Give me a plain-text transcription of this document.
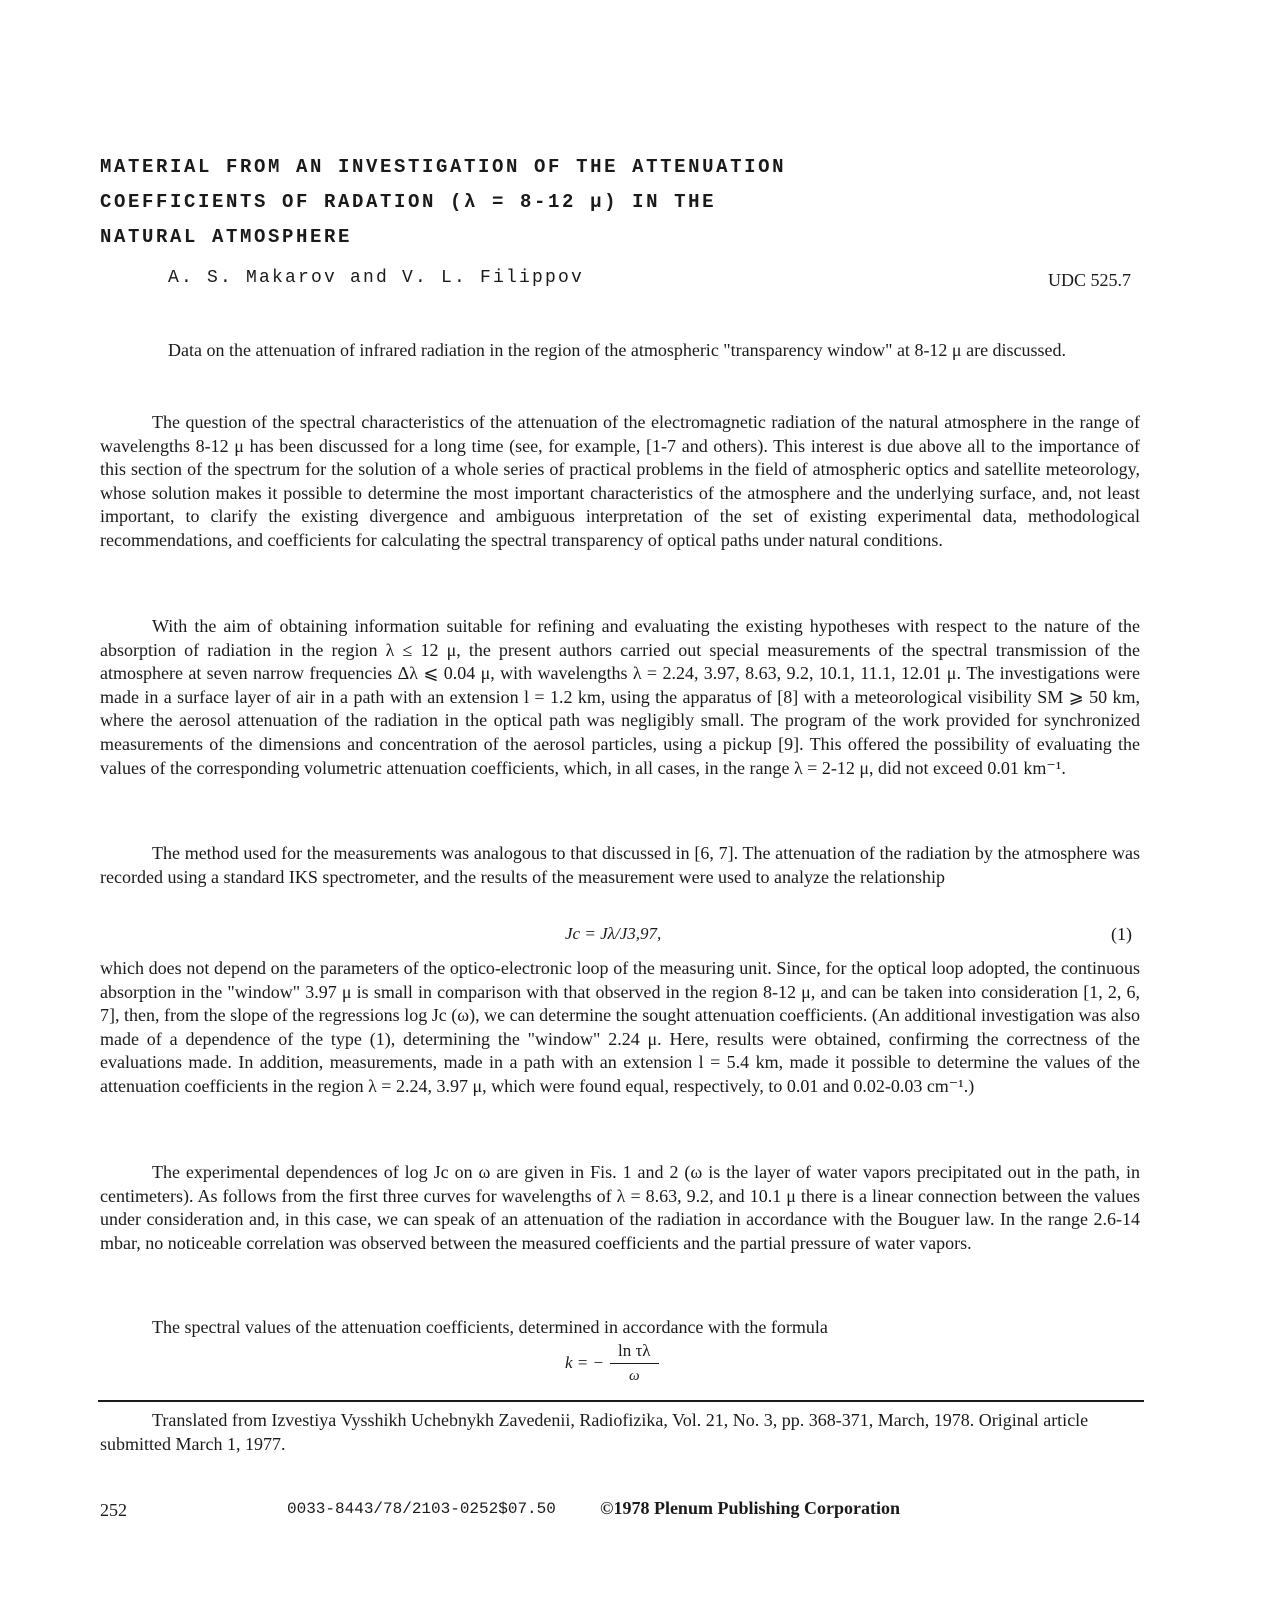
MATERIAL FROM AN INVESTIGATION OF THE ATTENUATION
COEFFICIENTS OF RADATION (λ = 8-12 μ) IN THE
NATURAL ATMOSPHERE
A. S. Makarov and V. L. Filippov	UDC 525.7

Data on the attenuation of infrared radiation in the region of the atmospheric "transparency window" at 8-12 μ are discussed.

The question of the spectral characteristics of the attenuation of the electromagnetic radiation of the natural atmosphere in the range of wavelengths 8-12 μ has been discussed for a long time (see, for example, [1-7 and others). This interest is due above all to the importance of this section of the spectrum for the solution of a whole series of practical problems in the field of atmospheric optics and satellite meteorology, whose solution makes it possible to determine the most important characteristics of the atmosphere and the underlying surface, and, not least important, to clarify the existing divergence and ambiguous interpretation of the set of existing experimental data, methodological recommendations, and coefficients for calculating the spectral transparency of optical paths under natural conditions.

With the aim of obtaining information suitable for refining and evaluating the existing hypotheses with respect to the nature of the absorption of radiation in the region λ ≤ 12 μ, the present authors carried out special measurements of the spectral transmission of the atmosphere at seven narrow frequencies Δλ ⩽ 0.04 μ, with wavelengths λ = 2.24, 3.97, 8.63, 9.2, 10.1, 11.1, 12.01 μ. The investigations were made in a surface layer of air in a path with an extension l = 1.2 km, using the apparatus of [8] with a meteorological visibility SM ⩾ 50 km, where the aerosol attenuation of the radiation in the optical path was negligibly small. The program of the work provided for synchronized measurements of the dimensions and concentration of the aerosol particles, using a pickup [9]. This offered the possibility of evaluating the values of the corresponding volumetric attenuation coefficients, which, in all cases, in the range λ = 2-12 μ, did not exceed 0.01 km⁻¹.

The method used for the measurements was analogous to that discussed in [6, 7]. The attenuation of the radiation by the atmosphere was recorded using a standard IKS spectrometer, and the results of the measurement were used to analyze the relationship

Jc = Jλ/J3,97,	(1)

which does not depend on the parameters of the optico-electronic loop of the measuring unit. Since, for the optical loop adopted, the continuous absorption in the "window" 3.97 μ is small in comparison with that observed in the region 8-12 μ, and can be taken into consideration [1, 2, 6, 7], then, from the slope of the regressions log Jc (ω), we can determine the sought attenuation coefficients. (An additional investigation was also made of a dependence of the type (1), determining the "window" 2.24 μ. Here, results were obtained, confirming the correctness of the evaluations made. In addition, measurements, made in a path with an extension l = 5.4 km, made it possible to determine the values of the attenuation coefficients in the region λ = 2.24, 3.97 μ, which were found equal, respectively, to 0.01 and 0.02-0.03 cm⁻¹.)

The experimental dependences of log Jc on ω are given in Fis. 1 and 2 (ω is the layer of water vapors precipitated out in the path, in centimeters). As follows from the first three curves for wavelengths of λ = 8.63, 9.2, and 10.1 μ there is a linear connection between the values under consideration and, in this case, we can speak of an attenuation of the radiation in accordance with the Bouguer law. In the range 2.6-14 mbar, no noticeable correlation was observed between the measured coefficients and the partial pressure of water vapors.

The spectral values of the attenuation coefficients, determined in accordance with the formula

k = − $\frac{\text{ln τλ}}{\omega}$

Translated from Izvestiya Vysshikh Uchebnykh Zavedenii, Radiofizika, Vol. 21, No. 3, pp. 368-371, March, 1978. Original article submitted March 1, 1977.

252	0033-8443/78/2103-0252$07.50 ©1978 Plenum Publishing Corporation
